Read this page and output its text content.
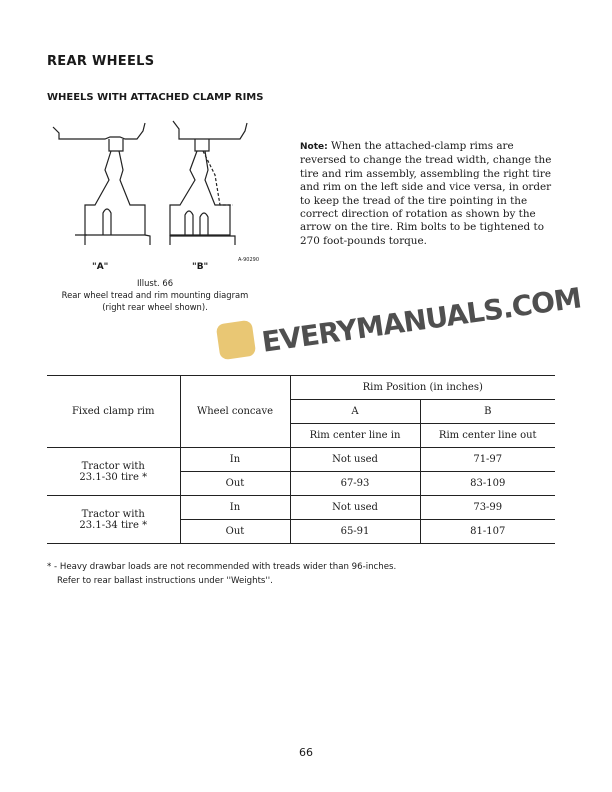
REAR WHEELS
WHEELS WITH ATTACHED CLAMP RIMS
"A"	"B"
A-90290
Illust. 66
Rear wheel tread and rim mounting diagram
(right rear wheel shown).
Note: When the attached-clamp rims are reversed to change the tread width, change the tire and rim assembly, assembling the right tire and rim on the left side and vice versa, in order to keep the tread of the tire pointing in the correct direction of rotation as shown by the arrow on the tire. Rim bolts to be tightened to 270 foot-pounds torque.
EVERYMANUALS.COM
Fixed clamp rim	Wheel concave	Rim Position (in inches)	
		A	B
		Rim center line in	Rim center line out
Tractor with 23.1-30 tire *	In	Not used	71-97
	Out	67-93	83-109
Tractor with 23.1-34 tire *	In	Not used	73-99
	Out	65-91	81-107
* - Heavy drawbar loads are not recommended with treads wider than 96-inches.
Refer to rear ballast instructions under ''Weights''.
66
